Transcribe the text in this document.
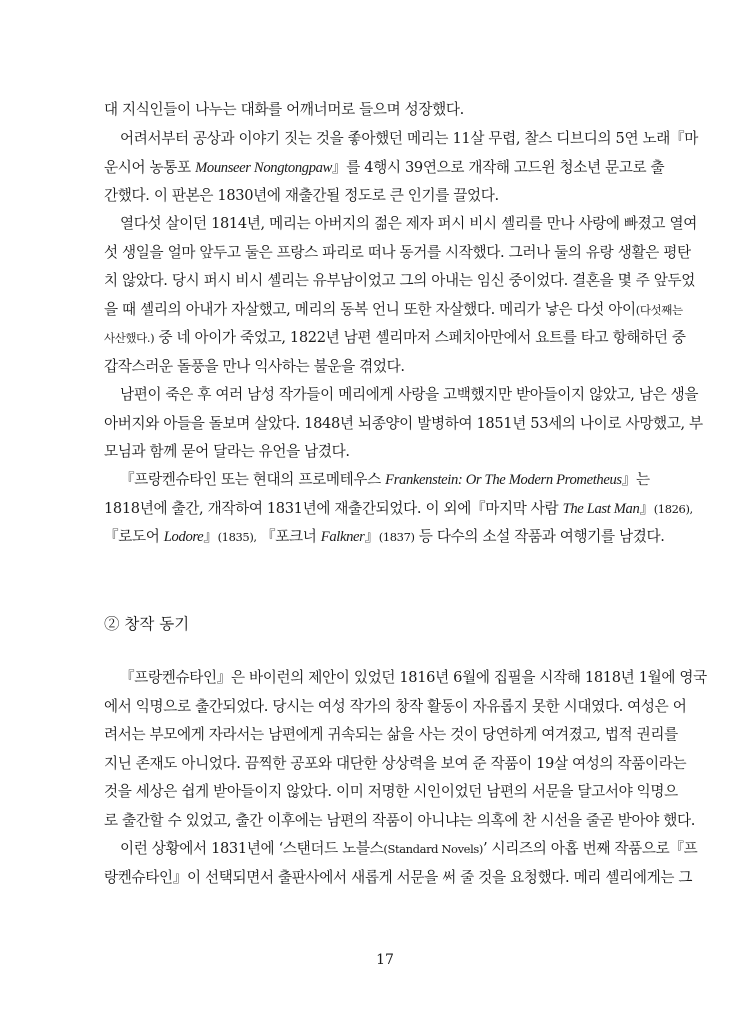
대 지식인들이 나누는 대화를 어깨너머로 들으며 성장했다.
어려서부터 공상과 이야기 짓는 것을 좋아했던 메리는 11살 무렵, 찰스 디브디의 5연 노래『마
운시어 농통포 Mounseer Nongtongpaw』를 4행시 39연으로 개작해 고드윈 청소년 문고로 출
간했다. 이 판본은 1830년에 재출간될 정도로 큰 인기를 끌었다.
열다섯 살이던 1814년, 메리는 아버지의 젊은 제자 퍼시 비시 셸리를 만나 사랑에 빠졌고 열여
섯 생일을 얼마 앞두고 둘은 프랑스 파리로 떠나 동거를 시작했다. 그러나 둘의 유랑 생활은 평탄
치 않았다. 당시 퍼시 비시 셸리는 유부남이었고 그의 아내는 임신 중이었다. 결혼을 몇 주 앞두었
을 때 셸리의 아내가 자살했고, 메리의 동복 언니 또한 자살했다. 메리가 낳은 다섯 아이(다섯째는
사산했다.) 중 네 아이가 죽었고, 1822년 남편 셸리마저 스페치아만에서 요트를 타고 항해하던 중
갑작스러운 돌풍을 만나 익사하는 불운을 겪었다.
남편이 죽은 후 여러 남성 작가들이 메리에게 사랑을 고백했지만 받아들이지 않았고, 남은 생을
아버지와 아들을 돌보며 살았다. 1848년 뇌종양이 발병하여 1851년 53세의 나이로 사망했고, 부
모님과 함께 묻어 달라는 유언을 남겼다.
『프랑켄슈타인 또는 현대의 프로메테우스 Frankenstein: Or The Modern Prometheus』는
1818년에 출간, 개작하여 1831년에 재출간되었다. 이 외에『마지막 사람 The Last Man』(1826),
『로도어 Lodore』(1835), 『포크너 Falkner』(1837) 등 다수의 소설 작품과 여행기를 남겼다.
② 창작 동기
『프랑켄슈타인』은 바이런의 제안이 있었던 1816년 6월에 집필을 시작해 1818년 1월에 영국
에서 익명으로 출간되었다. 당시는 여성 작가의 창작 활동이 자유롭지 못한 시대였다. 여성은 어
려서는 부모에게 자라서는 남편에게 귀속되는 삶을 사는 것이 당연하게 여겨졌고, 법적 권리를
지닌 존재도 아니었다. 끔찍한 공포와 대단한 상상력을 보여 준 작품이 19살 여성의 작품이라는
것을 세상은 쉽게 받아들이지 않았다. 이미 저명한 시인이었던 남편의 서문을 달고서야 익명으
로 출간할 수 있었고, 출간 이후에는 남편의 작품이 아니냐는 의혹에 찬 시선을 줄곧 받아야 했다.
이런 상황에서 1831년에 ‘스탠더드 노블스(Standard Novels)’ 시리즈의 아홉 번째 작품으로『프
랑켄슈타인』이 선택되면서 출판사에서 새롭게 서문을 써 줄 것을 요청했다. 메리 셸리에게는 그
17
